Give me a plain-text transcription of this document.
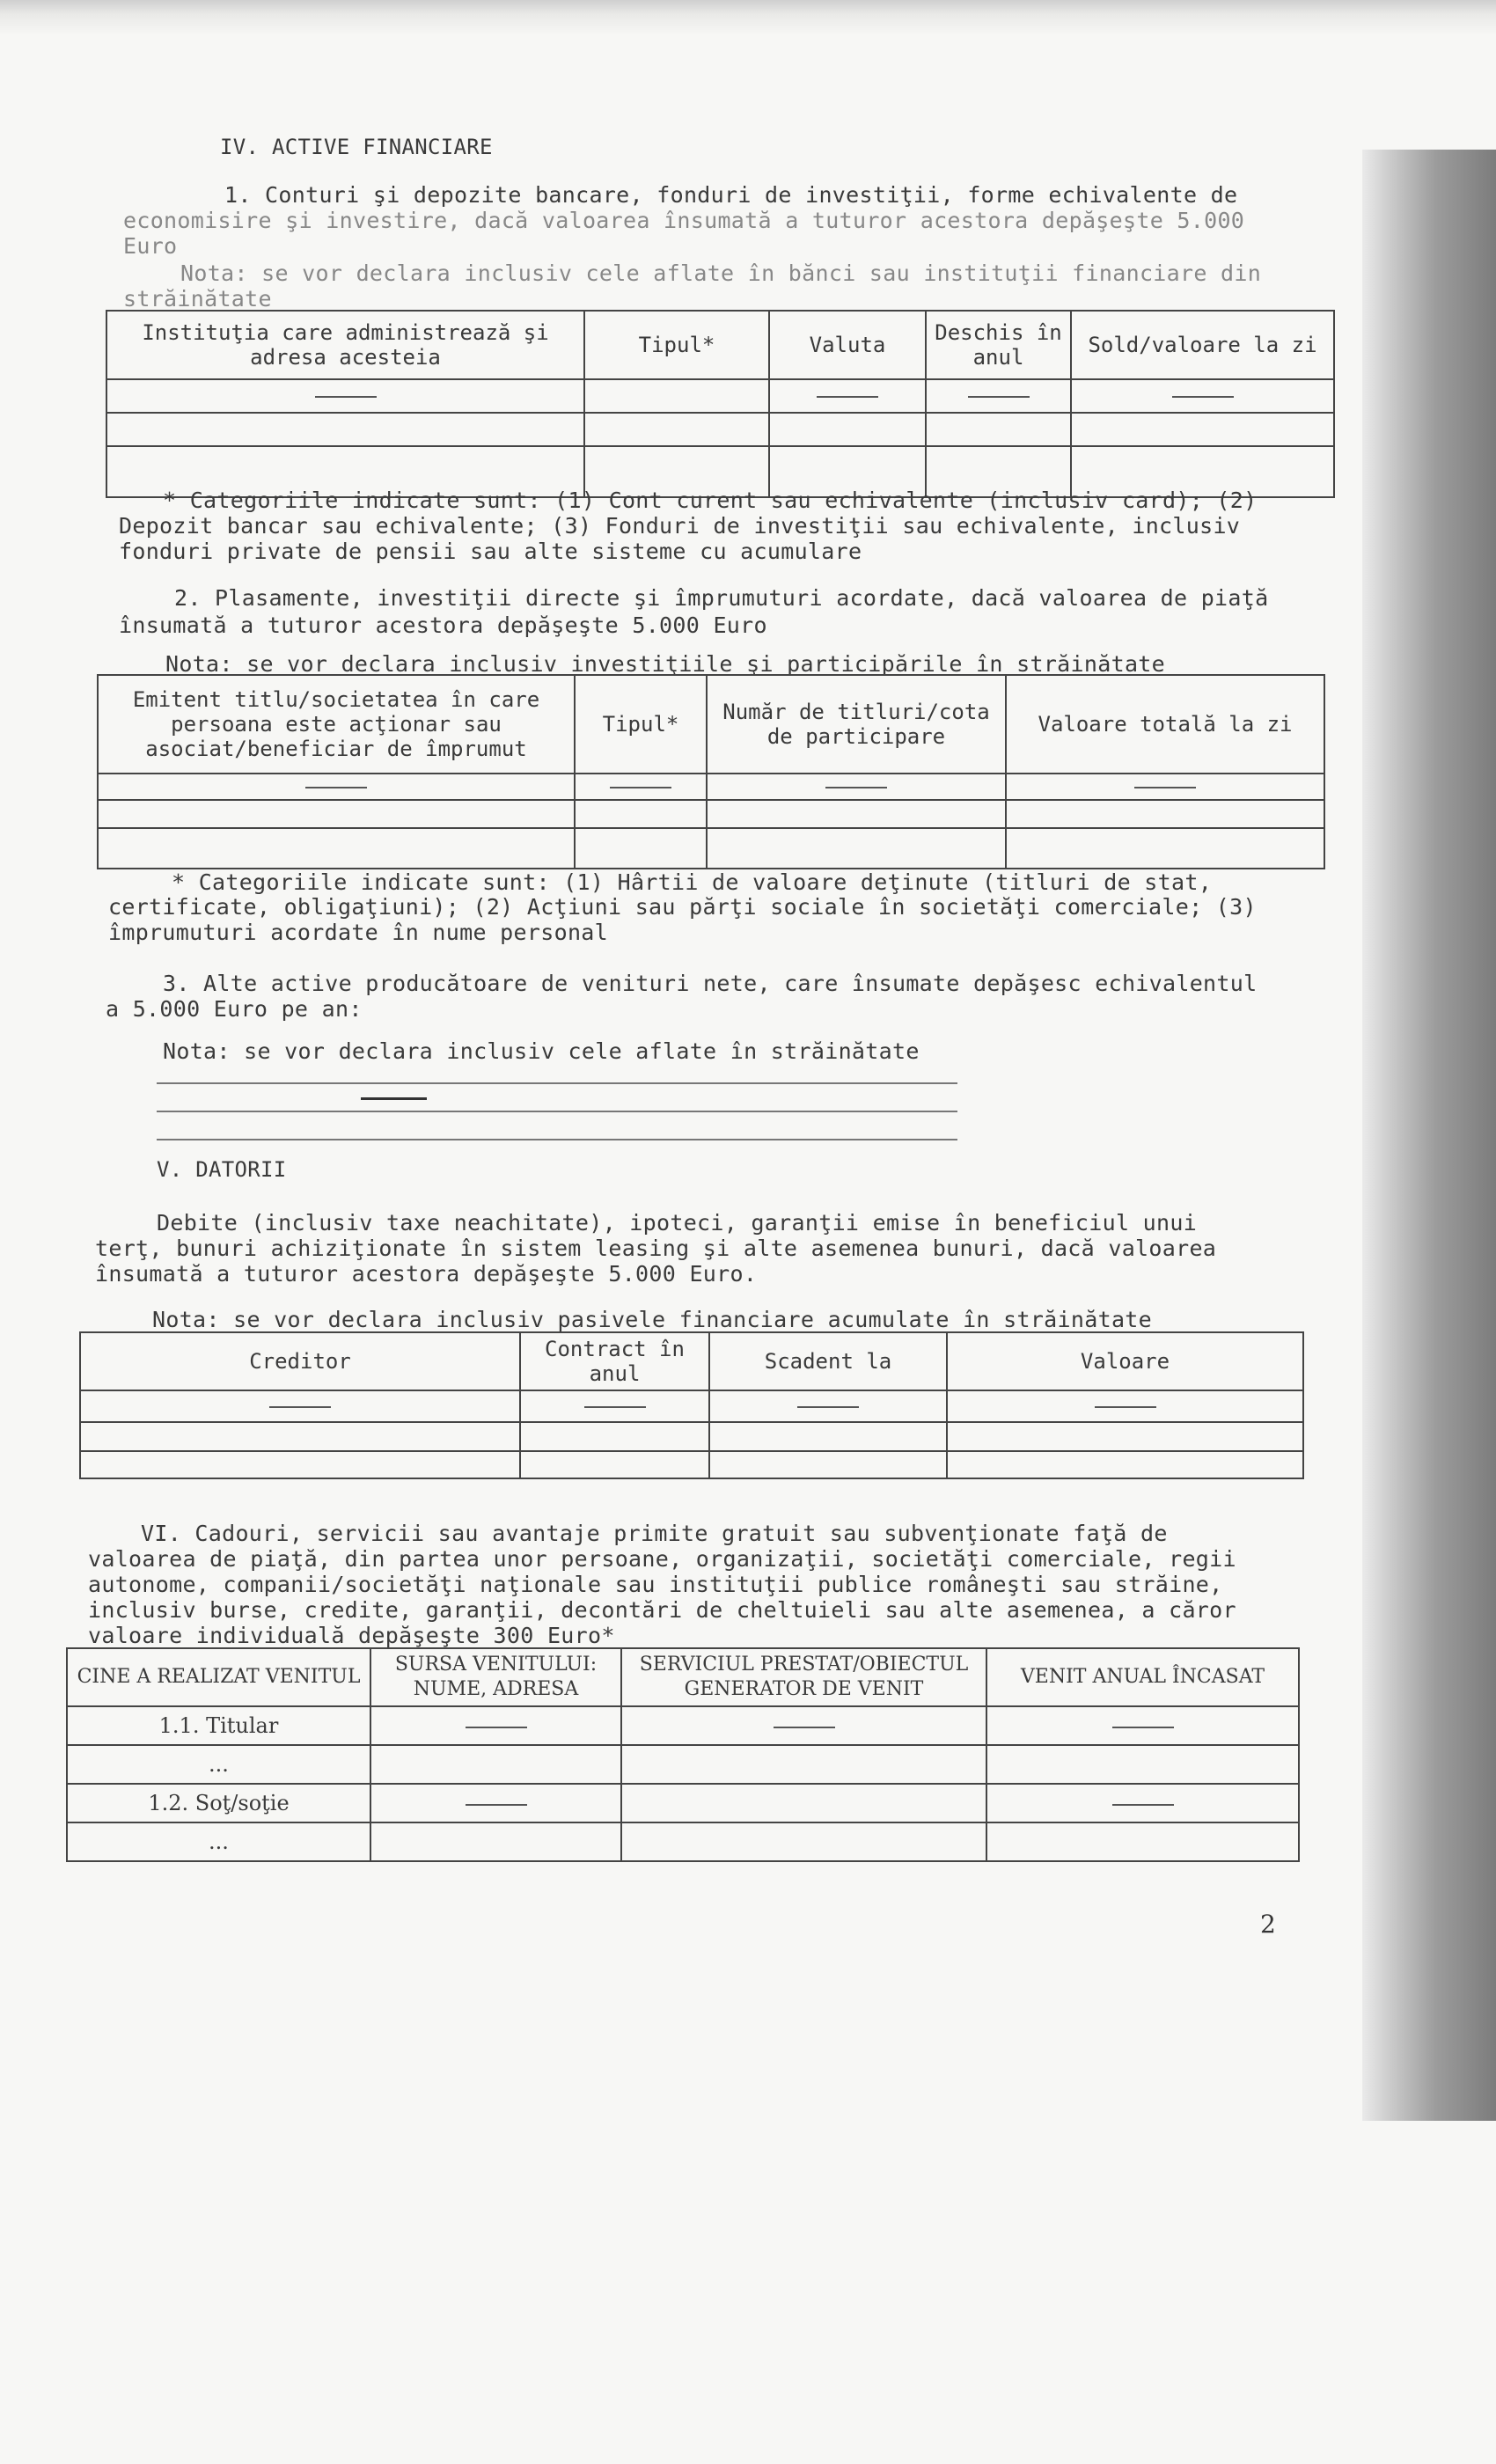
IV. ACTIVE FINANCIARE

1. Conturi şi depozite bancare, fonduri de investiţii, forme echivalente de

economisire şi investire, dacă valoarea însumată a tuturor acestora depăşeşte 5.000

Euro

Nota: se vor declara inclusiv cele aflate în bănci sau instituţii financiare din

străinătate

Instituţia care administrează şi adresa acesteia	Tipul*	Valuta	Deschis în anul	Sold/valoare la zi

* Categoriile indicate sunt: (1) Cont curent sau echivalente (inclusiv card); (2)

Depozit bancar sau echivalente; (3) Fonduri de investiţii sau echivalente, inclusiv

fonduri private de pensii sau alte sisteme cu acumulare

2. Plasamente, investiţii directe şi împrumuturi acordate, dacă valoarea de piaţă

însumată a tuturor acestora depăşeşte 5.000 Euro

Nota: se vor declara inclusiv investiţiile şi participările în străinătate

Emitent titlu/societatea în care persoana este acţionar sau asociat/beneficiar de împrumut	Tipul*	Număr de titluri/cota de participare	Valoare totală la zi

* Categoriile indicate sunt: (1) Hârtii de valoare deţinute (titluri de stat,

certificate, obligaţiuni); (2) Acţiuni sau părţi sociale în societăţi comerciale; (3)

împrumuturi acordate în nume personal

3. Alte active producătoare de venituri nete, care însumate depăşesc echivalentul

a 5.000 Euro pe an:

Nota: se vor declara inclusiv cele aflate în străinătate

V. DATORII

Debite (inclusiv taxe neachitate), ipoteci, garanţii emise în beneficiul unui

terţ, bunuri achiziţionate în sistem leasing şi alte asemenea bunuri, dacă valoarea

însumată a tuturor acestora depăşeşte 5.000 Euro.

Nota: se vor declara inclusiv pasivele financiare acumulate în străinătate

Creditor	Contract în anul	Scadent la	Valoare

VI. Cadouri, servicii sau avantaje primite gratuit sau subvenţionate faţă de

valoarea de piaţă, din partea unor persoane, organizaţii, societăţi comerciale, regii

autonome, companii/societăţi naţionale sau instituţii publice româneşti sau străine,

inclusiv burse, credite, garanţii, decontări de cheltuieli sau alte asemenea, a căror

valoare individuală depăşeşte 300 Euro*

CINE A REALIZAT VENITUL	SURSA VENITULUI: NUME, ADRESA	SERVICIUL PRESTAT/OBIECTUL GENERATOR DE VENIT	VENIT ANUAL ÎNCASAT
1.1. Titular			
...			
1.2. Soţ/soţie			
...			
2
